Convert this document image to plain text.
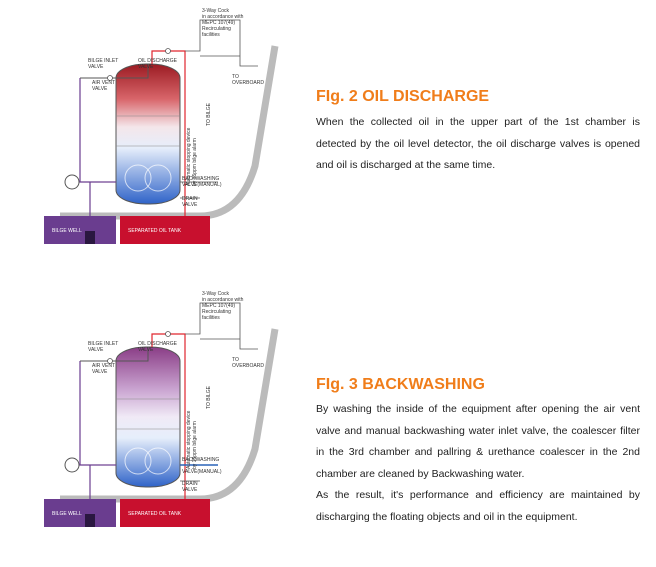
3-Way Cock
in accordance with
MEPC 107(49)
Recirculating
facilities
BILGE INLET
VALVE
OIL DISCHARGE
VALVE
AIR VENT
VALVE
TO
OVERBOARD
TO BILGE
Automatic stopping device by 15ppm bilge alarm
BACKWASHING
VALVE(MANUAL)
DRAIN
VALVE
BILGE WELL	SEPARATED OIL TANK
FIg. 2 OIL DISCHARGE

When the collected oil in the upper part of the 1st chamber is detected by the oil level detector, the oil discharge valves is opened and oil is discharged at the same time.

3-Way Cock
in accordance with
MEPC 107(49)
Recirculating
facilities
BILGE INLET
VALVE
OIL DISCHARGE
VALVE
AIR VENT
VALVE
TO
OVERBOARD
TO BILGE
Automatic stopping device by 15ppm bilge alarm
BACKWASHING
VALVE(MANUAL)
DRAIN
VALVE
BILGE WELL	SEPARATED OIL TANK
FIg. 3 BACKWASHING

By washing the inside of the equipment after opening the air vent valve and manual backwashing water inlet valve, the coalescer filter in the 3rd chamber and pallring & urethance coalescer in the 2nd chamber are cleaned by Backwashing water.

As the result, it's performance and efficiency are maintained by discharging the floating objects and oil in the equipment.
